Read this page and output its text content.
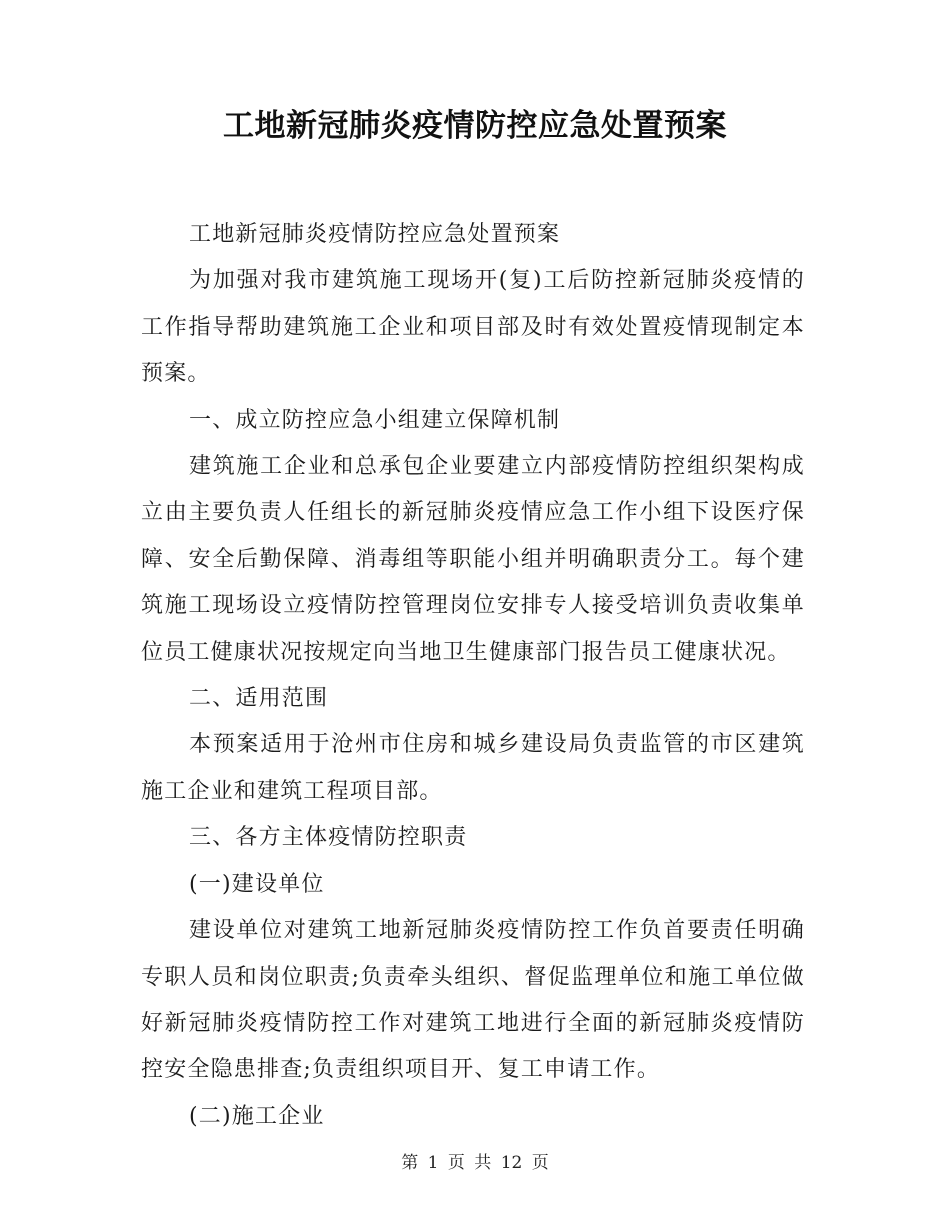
工地新冠肺炎疫情防控应急处置预案

工地新冠肺炎疫情防控应急处置预案

为加强对我市建筑施工现场开(复)工后防控新冠肺炎疫情的工作指导帮助建筑施工企业和项目部及时有效处置疫情现制定本预案。

一、成立防控应急小组建立保障机制

建筑施工企业和总承包企业要建立内部疫情防控组织架构成立由主要负责人任组长的新冠肺炎疫情应急工作小组下设医疗保障、安全后勤保障、消毒组等职能小组并明确职责分工。每个建筑施工现场设立疫情防控管理岗位安排专人接受培训负责收集单位员工健康状况按规定向当地卫生健康部门报告员工健康状况。

二、适用范围

本预案适用于沧州市住房和城乡建设局负责监管的市区建筑施工企业和建筑工程项目部。

三、各方主体疫情防控职责

(一)建设单位

建设单位对建筑工地新冠肺炎疫情防控工作负首要责任明确专职人员和岗位职责;负责牵头组织、督促监理单位和施工单位做好新冠肺炎疫情防控工作对建筑工地进行全面的新冠肺炎疫情防控安全隐患排查;负责组织项目开、复工申请工作。

(二)施工企业

第 1 页 共 12 页
